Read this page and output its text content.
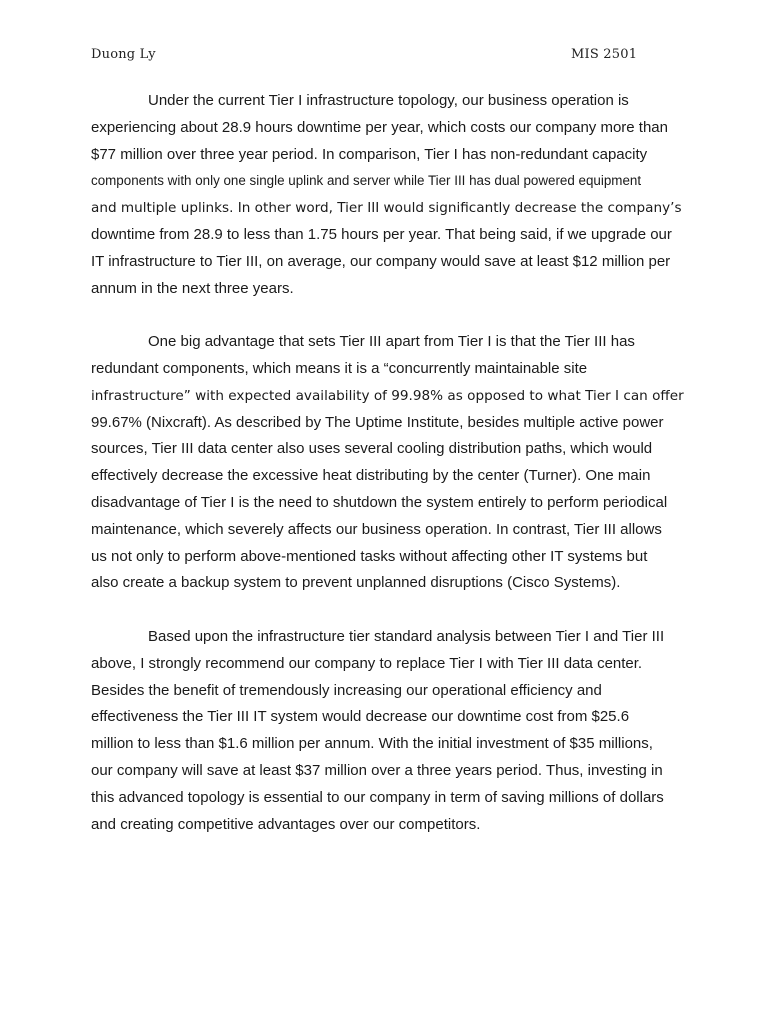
Duong Ly	MIS 2501
Under the current Tier I infrastructure topology, our business operation is
experiencing about 28.9 hours downtime per year, which costs our company more than
$77 million over three year period. In comparison, Tier I has non-redundant capacity
components with only one single uplink and server while Tier III has dual powered equipment
and multiple uplinks. In other word, Tier III would significantly decrease the company’s
downtime from 28.9 to less than 1.75 hours per year. That being said, if we upgrade our
IT infrastructure to Tier III, on average, our company would save at least $12 million per
annum in the next three years.
One big advantage that sets Tier III apart from Tier I is that the Tier III has
redundant components, which means it is a “concurrently maintainable site
infrastructure” with expected availability of 99.98% as opposed to what Tier I can offer
99.67% (Nixcraft). As described by The Uptime Institute, besides multiple active power
sources, Tier III data center also uses several cooling distribution paths, which would
effectively decrease the excessive heat distributing by the center (Turner). One main
disadvantage of Tier I is the need to shutdown the system entirely to perform periodical
maintenance, which severely affects our business operation. In contrast, Tier III allows
us not only to perform above-mentioned tasks without affecting other IT systems but
also create a backup system to prevent unplanned disruptions (Cisco Systems).
Based upon the infrastructure tier standard analysis between Tier I and Tier III
above, I strongly recommend our company to replace Tier I with Tier III data center.
Besides the benefit of tremendously increasing our operational efficiency and
effectiveness the Tier III IT system would decrease our downtime cost from $25.6
million to less than $1.6 million per annum. With the initial investment of $35 millions,
our company will save at least $37 million over a three years period. Thus, investing in
this advanced topology is essential to our company in term of saving millions of dollars
and creating competitive advantages over our competitors.
